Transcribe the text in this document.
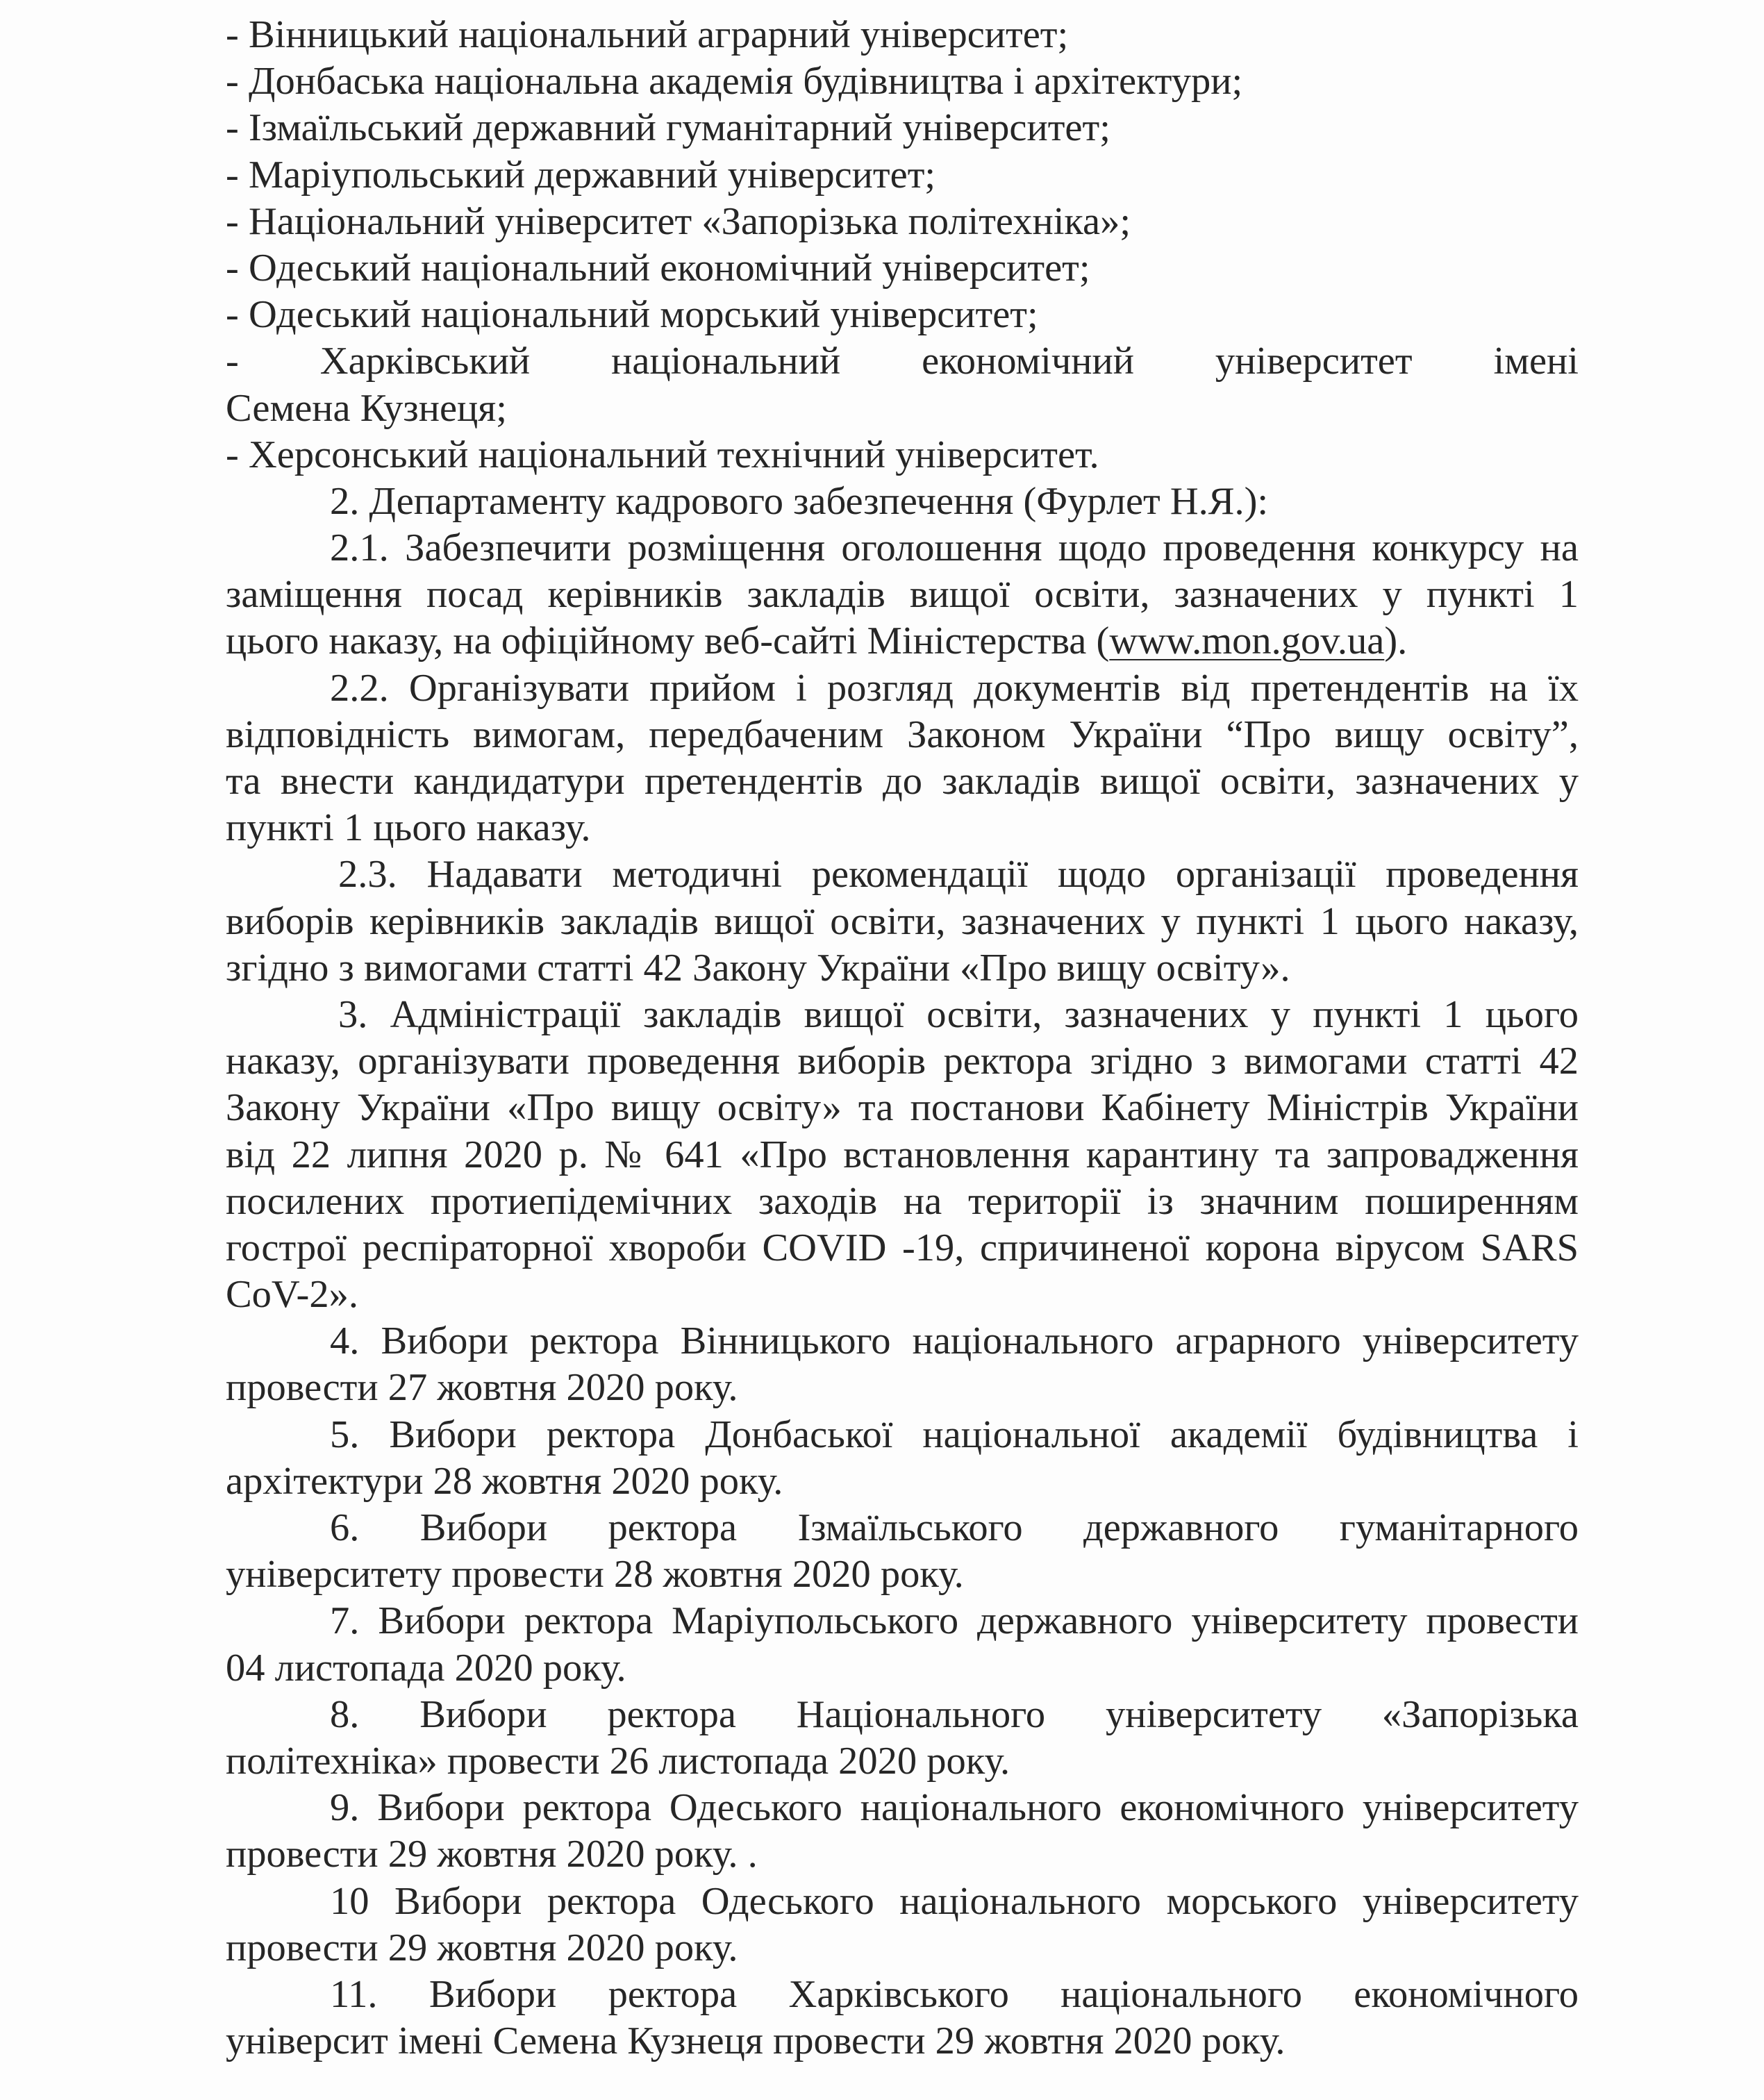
- Вінницький національний аграрний університет;
- Донбаська національна академія будівництва і архітектури;
- Ізмаїльський державний гуманітарний університет;
- Маріупольський державний університет;
- Національний університет «Запорізька політехніка»;
- Одеський національний економічний університет;
- Одеський національний морський університет;
- Харківський національний економічний університет імені
Семена Кузнеця;
- Херсонський національний технічний університет.
2. Департаменту кадрового забезпечення (Фурлет Н.Я.):
2.1. Забезпечити розміщення оголошення щодо проведення конкурсу на
заміщення посад керівників закладів вищої освіти, зазначених у пункті 1
цього наказу, на офіційному веб-сайті Міністерства (www.mon.gov.ua).
2.2. Організувати прийом і розгляд документів від претендентів на їх
відповідність вимогам, передбаченим Законом України “Про вищу освіту”,
та внести кандидатури претендентів до закладів вищої освіти, зазначених у
пункті 1 цього наказу.
2.3. Надавати методичні рекомендації щодо організації проведення
виборів керівників закладів вищої освіти, зазначених у пункті 1 цього наказу,
згідно з вимогами статті 42 Закону України «Про вищу освіту».
3. Адміністрації закладів вищої освіти, зазначених у пункті 1 цього
наказу, організувати проведення виборів ректора згідно з вимогами статті 42
Закону України «Про вищу освіту» та постанови Кабінету Міністрів України
від 22 липня 2020 р. № 641 «Про встановлення карантину та запровадження
посилених протиепідемічних заходів на території із значним поширенням
гострої респіраторної хвороби COVID -19, спричиненої корона вірусом SARS
CoV-2».
4. Вибори ректора Вінницького національного аграрного університету
провести 27 жовтня 2020 року.
5. Вибори ректора Донбаської національної академії будівництва і
архітектури 28 жовтня 2020 року.
6. Вибори ректора Ізмаїльського державного гуманітарного
університету провести 28 жовтня 2020 року.
7. Вибори ректора Маріупольського державного університету провести
04 листопада 2020 року.
8. Вибори ректора Національного університету «Запорізька
політехніка» провести 26 листопада 2020 року.
9. Вибори ректора Одеського національного економічного університету
провести 29 жовтня 2020 року. .
10 Вибори ректора Одеського національного морського університету
провести 29 жовтня 2020 року.
11. Вибори ректора Харківського національного економічного
університ імені Семена Кузнеця провести 29 жовтня 2020 року.
